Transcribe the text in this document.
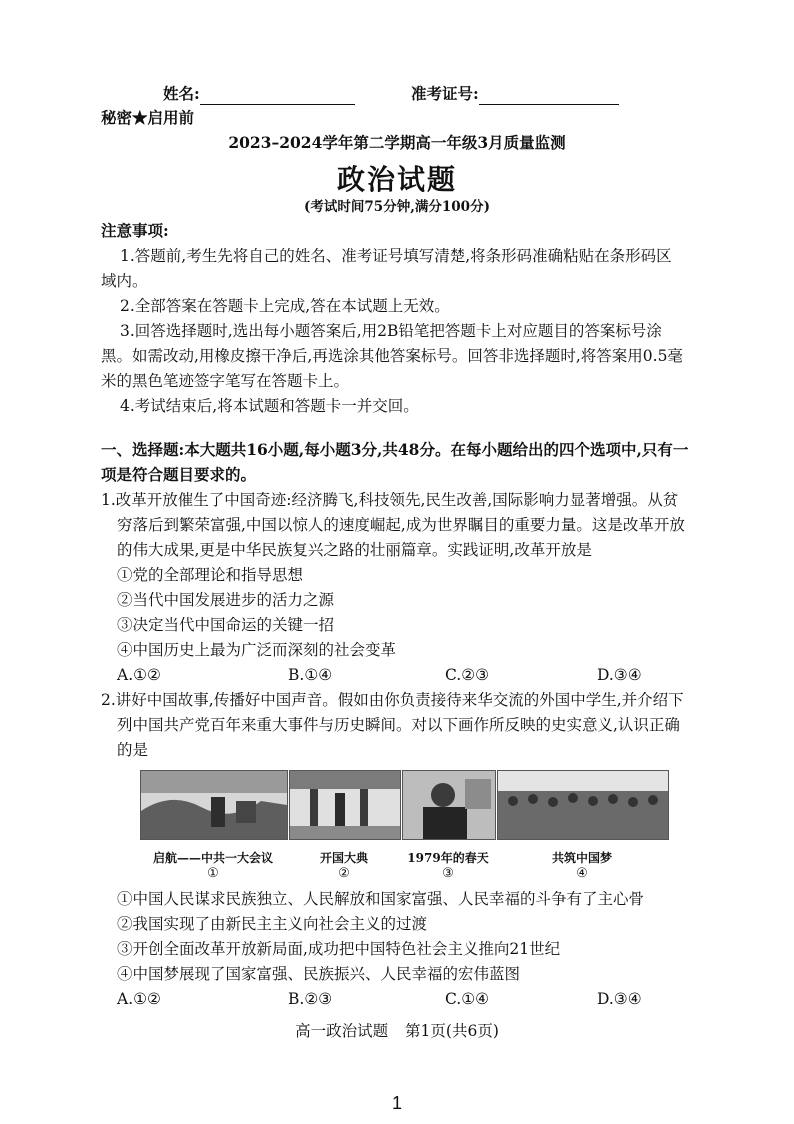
姓名:	准考证号:
秘密★启用前
2023–2024学年第二学期高一年级3月质量监测
政治试题
(考试时间75分钟,满分100分)
注意事项:
1.答题前,考生先将自己的姓名、准考证号填写清楚,将条形码准确粘贴在条形码区
域内。
2.全部答案在答题卡上完成,答在本试题上无效。
3.回答选择题时,选出每小题答案后,用2B铅笔把答题卡上对应题目的答案标号涂
黑。如需改动,用橡皮擦干净后,再选涂其他答案标号。回答非选择题时,将答案用0.5毫
米的黑色笔迹签字笔写在答题卡上。
4.考试结束后,将本试题和答题卡一并交回。
一、选择题:本大题共16小题,每小题3分,共48分。在每小题给出的四个选项中,只有一
项是符合题目要求的。
1.改革开放催生了中国奇迹:经济腾飞,科技领先,民生改善,国际影响力显著增强。从贫
穷落后到繁荣富强,中国以惊人的速度崛起,成为世界瞩目的重要力量。这是改革开放
的伟大成果,更是中华民族复兴之路的壮丽篇章。实践证明,改革开放是
①党的全部理论和指导思想
②当代中国发展进步的活力之源
③决定当代中国命运的关键一招
④中国历史上最为广泛而深刻的社会变革
A.①②	B.①④	C.②③	D.③④
2.讲好中国故事,传播好中国声音。假如由你负责接待来华交流的外国中学生,并介绍下
列中国共产党百年来重大事件与历史瞬间。对以下画作所反映的史实意义,认识正确
的是
启航——中共一大会议	开国大典	1979年的春天	共筑中国梦
①	②	③	④
①中国人民谋求民族独立、人民解放和国家富强、人民幸福的斗争有了主心骨
②我国实现了由新民主主义向社会主义的过渡
③开创全面改革开放新局面,成功把中国特色社会主义推向21世纪
④中国梦展现了国家富强、民族振兴、人民幸福的宏伟蓝图
A.①②	B.②③	C.①④	D.③④
高一政治试题 第1页(共6页)
1
